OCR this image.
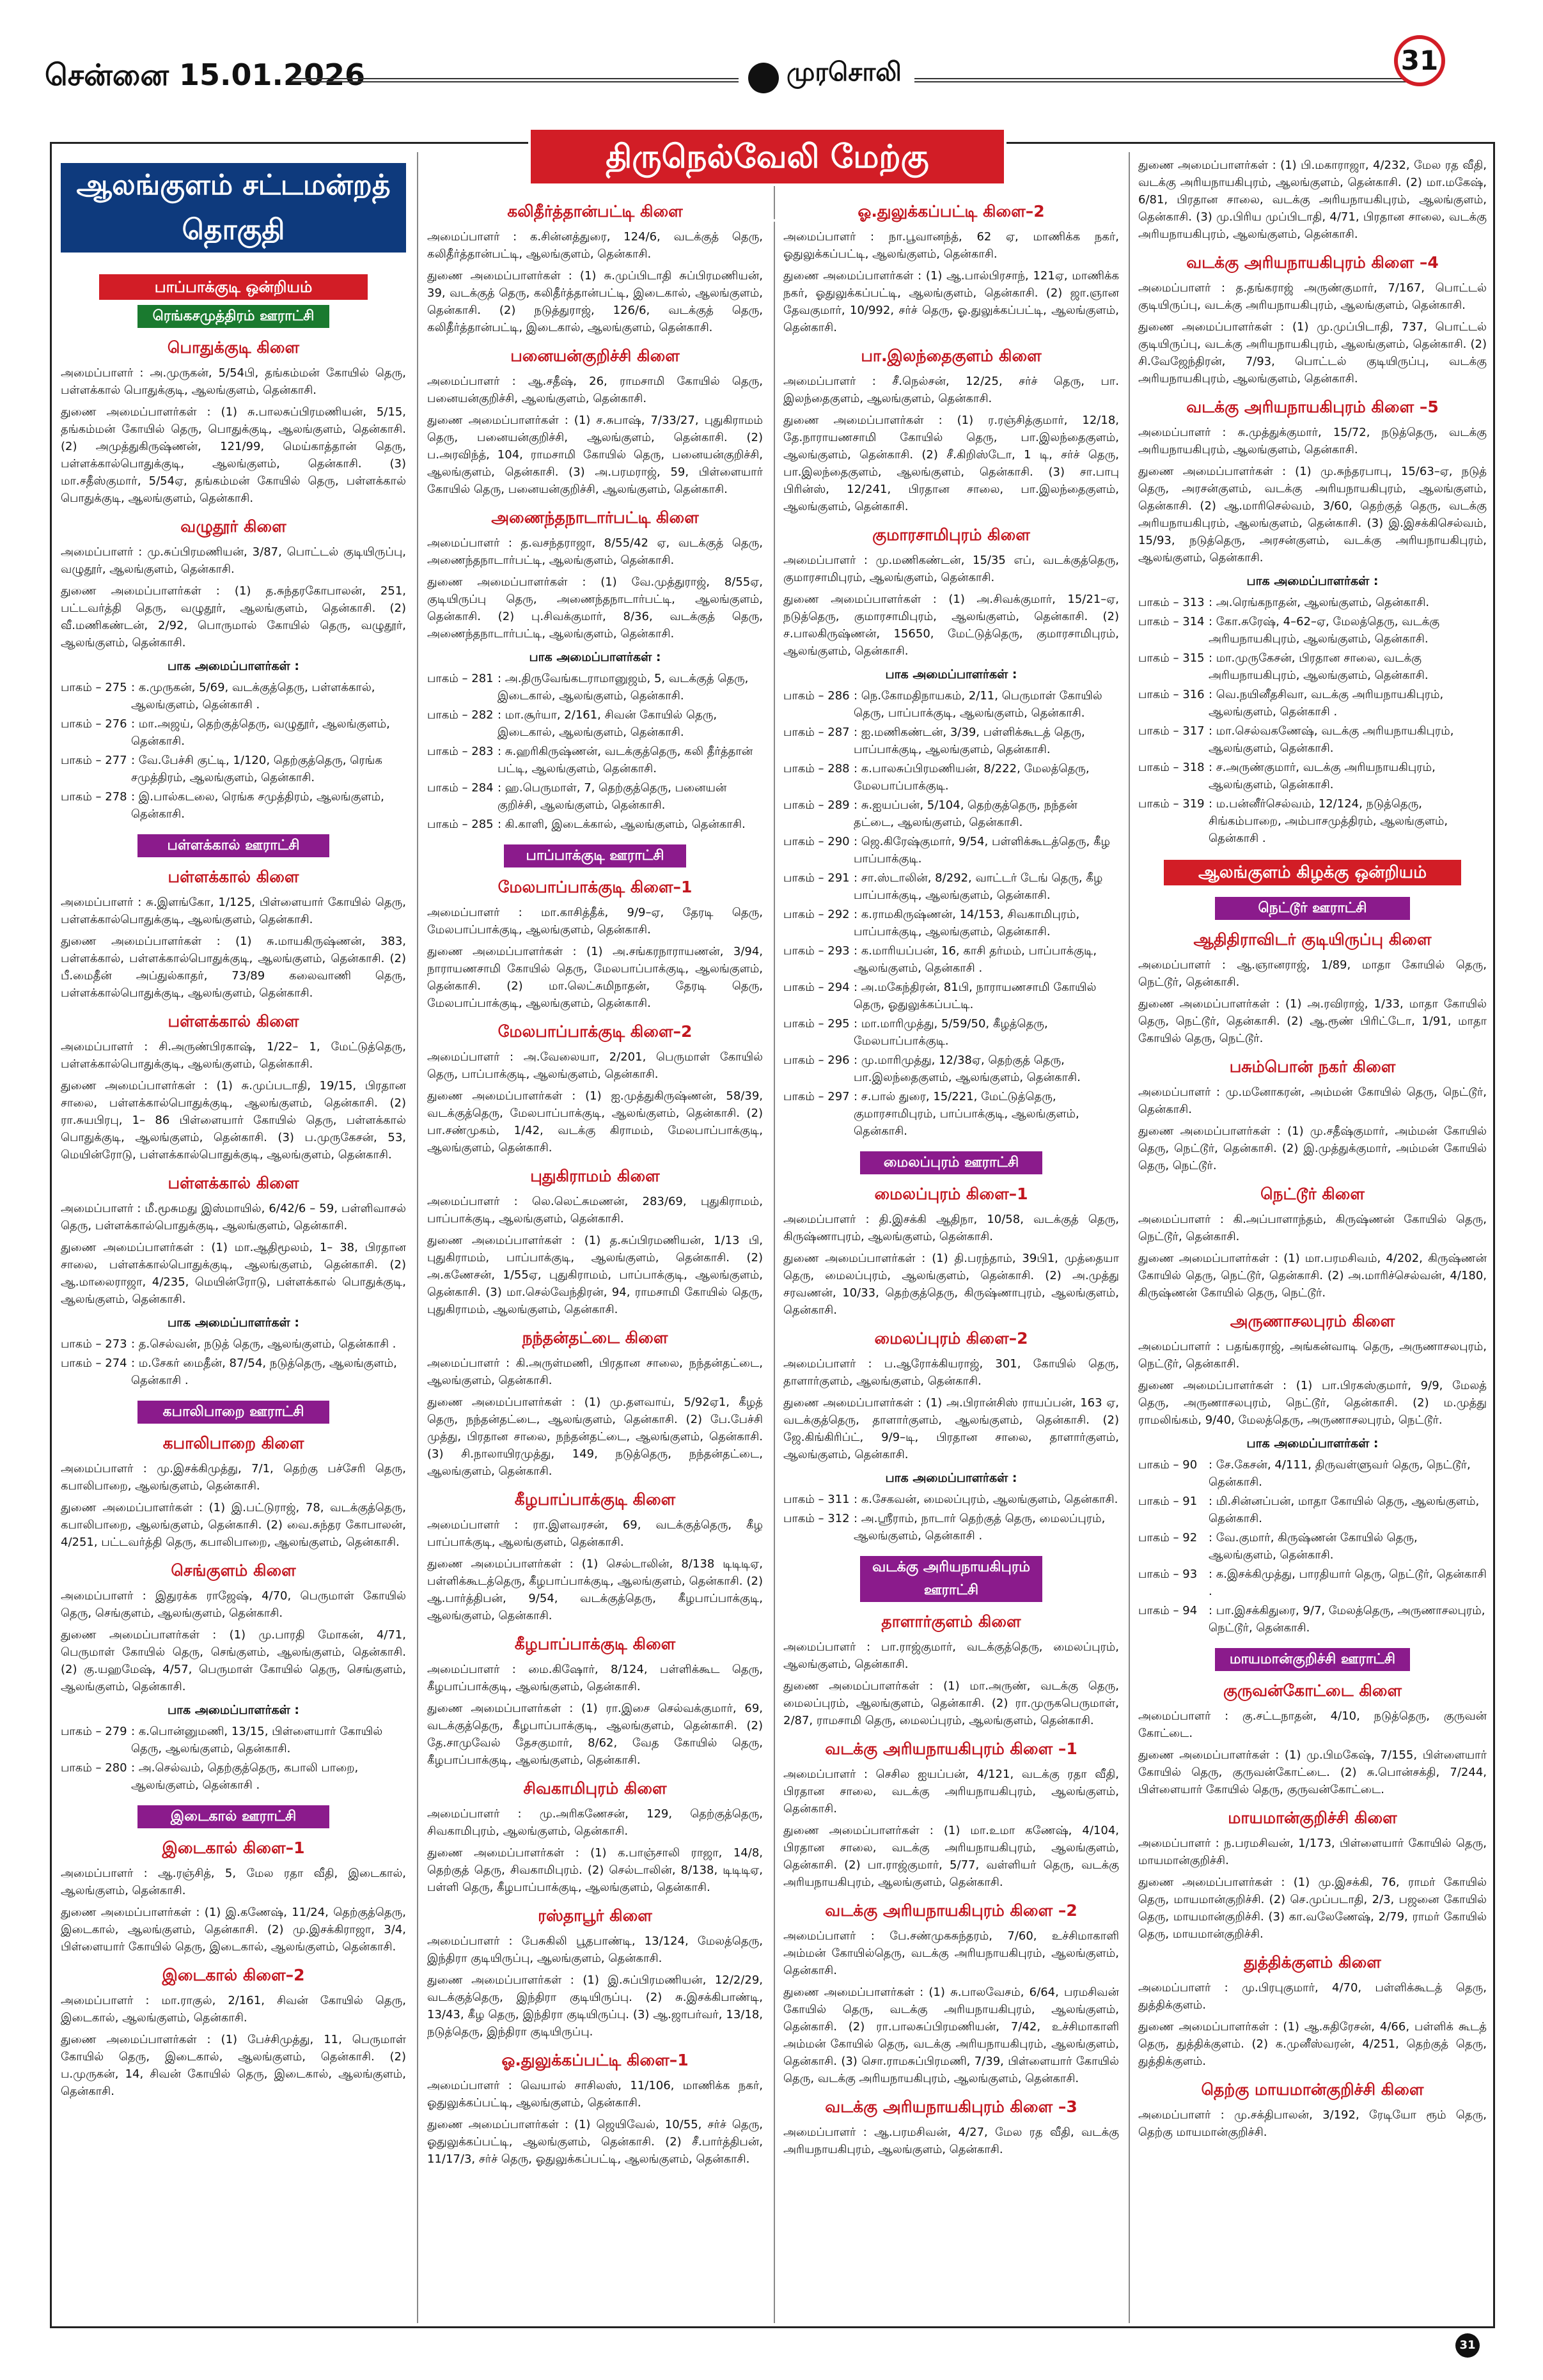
சென்னை 15.01.2026	முரசொலி	31
திருநெல்வேலி மேற்கு மாவட்டம்
ஆலங்குளம் சட்டமன்றத் தொகுதி
பாப்பாக்குடி ஒன்றியம்
ரெங்கசமுத்திரம் ஊராட்சி
பொதுக்குடி கிளை

அமைப்பாளர் : அ.முருகன், 5/54பி, தங்கம்மன் கோயில் தெரு, பள்ளக்கால் பொதுக்குடி, ஆலங்குளம், தென்காசி.

துணை அமைப்பாளர்கள் : (1) சு.பாலசுப்பிரமணியன், 5/15, தங்கம்மன் கோயில் தெரு, பொதுக்குடி, ஆலங்குளம், தென்காசி. (2) அமுத்துகிருஷ்ணன், 121/99, மெய்காத்தான் தெரு, பள்ளக்கால்பொதுக்குடி, ஆலங்குளம், தென்காசி. (3) மா.சதீஸ்குமார், 5/54ஏ, தங்கம்மன் கோயில் தெரு, பள்ளக்கால் பொதுக்குடி, ஆலங்குளம், தென்காசி.

வழுதூர் கிளை

அமைப்பாளர் : மு.சுப்பிரமணியன், 3/87, பொட்டல் குடியிருப்பு, வழுதூர், ஆலங்குளம், தென்காசி.

துணை அமைப்பாளர்கள் : (1) த.சுந்தரகோபாலன், 251, பட்டவர்த்தி தெரு, வழுதூர், ஆலங்குளம், தென்காசி. (2) வீ.மணிகண்டன், 2/92, பொருமால் கோயில் தெரு, வழுதூர், ஆலங்குளம், தென்காசி.

பாக அமைப்பாளர்கள் :
பாகம் – 275 : க.முருகன், 5/69, வடக்குத்தெரு, பள்ளக்கால், ஆலங்குளம், தென்காசி .
பாகம் – 276 : மா.அஜய், தெற்குத்தெரு, வழுதூர், ஆலங்குளம், தென்காசி.
பாகம் – 277 : வே.பேச்சி குட்டி, 1/120, தெற்குத்தெரு, ரெங்க சமுத்திரம், ஆலங்குளம், தென்காசி.
பாகம் – 278 : இ.பால்கடலை, ரெங்க சமுத்திரம், ஆலங்குளம், தென்காசி.
பள்ளக்கால் ஊராட்சி
பள்ளக்கால் கிளை

அமைப்பாளர் : சு.இளங்கோ, 1/125, பிள்ளையார் கோயில் தெரு, பள்ளக்கால்பொதுக்குடி, ஆலங்குளம், தென்காசி.

துணை அமைப்பாளர்கள் : (1) சு.மாயகிருஷ்ணன், 383, பள்ளக்கால், பள்ளக்கால்பொதுக்குடி, ஆலங்குளம், தென்காசி. (2) பீ.மைதீன் அப்துல்காதர், 73/89 கலைவாணி தெரு, பள்ளக்கால்பொதுக்குடி, ஆலங்குளம், தென்காசி.

பள்ளக்கால் கிளை

அமைப்பாளர் : சி.அருண்பிரகாஷ், 1/22– 1, மேட்டுத்தெரு, பள்ளக்கால்பொதுக்குடி, ஆலங்குளம், தென்காசி.

துணை அமைப்பாளர்கள் : (1) சு.முப்படாதி, 19/15, பிரதான சாலை, பள்ளக்கால்பொதுக்குடி, ஆலங்குளம், தென்காசி. (2) ரா.சுயபிரபு, 1– 86 பிள்ளையார் கோயில் தெரு, பள்ளக்கால் பொதுக்குடி, ஆலங்குளம், தென்காசி. (3) ப.முருகேசன், 53, மெயின்ரோடு, பள்ளக்கால்பொதுக்குடி, ஆலங்குளம், தென்காசி.

பள்ளக்கால் கிளை

அமைப்பாளர் : மீ.மூசுமது இஸ்மாயில், 6/42/6 – 59, பள்ளிவாசல் தெரு, பள்ளக்கால்பொதுக்குடி, ஆலங்குளம், தென்காசி.

துணை அமைப்பாளர்கள் : (1) மா.ஆதிமூலம், 1– 38, பிரதான சாலை, பள்ளக்கால்பொதுக்குடி, ஆலங்குளம், தென்காசி. (2) ஆ.மாலைராஜா, 4/235, மெயின்ரோடு, பள்ளக்கால் பொதுக்குடி, ஆலங்குளம், தென்காசி.

பாக அமைப்பாளர்கள் :
பாகம் – 273 : த.செல்வன், நடுத் தெரு, ஆலங்குளம், தென்காசி .
பாகம் – 274 : ம.சேகர் மைதீன், 87/54, நடுத்தெரு, ஆலங்குளம், தென்காசி .
கபாலிபாறை ஊராட்சி
கபாலிபாறை கிளை

அமைப்பாளர் : மு.இசக்கிமுத்து, 7/1, தெற்கு பச்சேரி தெரு, கபாலிபாறை, ஆலங்குளம், தென்காசி.

துணை அமைப்பாளர்கள் : (1) இ.பட்டுராஜ், 78, வடக்குத்தெரு, கபாலிபாறை, ஆலங்குளம், தென்காசி. (2) வை.சுந்தர கோபாலன், 4/251, பட்டவர்த்தி தெரு, கபாலிபாறை, ஆலங்குளம், தென்காசி.

செங்குளம் கிளை

அமைப்பாளர் : இதுரக்க ராஜேஷ், 4/70, பெருமாள் கோயில் தெரு, செங்குளம், ஆலங்குளம், தென்காசி.

துணை அமைப்பாளர்கள் : (1) மு.பாரதி மோகன், 4/71, பெருமாள் கோயில் தெரு, செங்குளம், ஆலங்குளம், தென்காசி. (2) கு.யஹமேஷ், 4/57, பெருமாள் கோயில் தெரு, செங்குளம், ஆலங்குளம், தென்காசி.

பாக அமைப்பாளர்கள் :
பாகம் – 279 : க.பொன்னுமணி, 13/15, பிள்ளையார் கோயில் தெரு, ஆலங்குளம், தென்காசி.
பாகம் – 280 : அ.செல்வம், தெற்குத்தெரு, கபாலி பாறை, ஆலங்குளம், தென்காசி .
இடைகால் ஊராட்சி
இடைகால் கிளை–1

அமைப்பாளர் : ஆ.ரஞ்சித், 5, மேல ரதா வீதி, இடைகால், ஆலங்குளம், தென்காசி.

துணை அமைப்பாளர்கள் : (1) இ.கணேஷ், 11/24, தெற்குத்தெரு, இடைகால், ஆலங்குளம், தென்காசி. (2) மு.இசக்கிராஜா, 3/4, பிள்ளையார் கோயில் தெரு, இடைகால், ஆலங்குளம், தென்காசி.

இடைகால் கிளை–2

அமைப்பாளர் : மா.ராகுல், 2/161, சிவன் கோயில் தெரு, இடைகால், ஆலங்குளம், தென்காசி.

துணை அமைப்பாளர்கள் : (1) பேச்சிமுத்து, 11, பெருமாள் கோயில் தெரு, இடைகால், ஆலங்குளம், தென்காசி. (2) ப.முருகன், 14, சிவன் கோயில் தெரு, இடைகால், ஆலங்குளம், தென்காசி.

கலிதீர்த்தான்பட்டி கிளை

அமைப்பாளர் : க.சின்னத்துரை, 124/6, வடக்குத் தெரு, கலிதீர்த்தான்பட்டி, ஆலங்குளம், தென்காசி.

துணை அமைப்பாளர்கள் : (1) சு.முப்பிடாதி சுப்பிரமணியன், 39, வடக்குத் தெரு, கலிதீர்த்தான்பட்டி, இடைகால், ஆலங்குளம், தென்காசி. (2) நடுத்துராஜ், 126/6, வடக்குத் தெரு, கலிதீர்த்தான்பட்டி, இடைகால், ஆலங்குளம், தென்காசி.

பனையன்குறிச்சி கிளை

அமைப்பாளர் : ஆ.சதீஷ், 26, ராமசாமி கோயில் தெரு, பனையன்குறிச்சி, ஆலங்குளம், தென்காசி.

துணை அமைப்பாளர்கள் : (1) ச.சுபாஷ், 7/33/27, புதுகிராமம் தெரு, பனையன்குறிச்சி, ஆலங்குளம், தென்காசி. (2) ப.அரவிந்த், 104, ராமசாமி கோயில் தெரு, பனையன்குறிச்சி, ஆலங்குளம், தென்காசி. (3) அ.பரமராஜ், 59, பிள்ளையார் கோயில் தெரு, பனையன்குறிச்சி, ஆலங்குளம், தென்காசி.

அணைந்தநாடார்பட்டி கிளை

அமைப்பாளர் : த.வசந்தராஜா, 8/55/42 ஏ, வடக்குத் தெரு, அணைந்தநாடார்பட்டி, ஆலங்குளம், தென்காசி.

துணை அமைப்பாளர்கள் : (1) வே.முத்துராஜ், 8/55ஏ, குடியிருப்பு தெரு, அணைந்தநாடார்பட்டி, ஆலங்குளம், தென்காசி. (2) பு.சிவக்குமார், 8/36, வடக்குத் தெரு, அணைந்தநாடார்பட்டி, ஆலங்குளம், தென்காசி.

பாக அமைப்பாளர்கள் :
பாகம் – 281 : அ.திருவேங்கடராமானுஜம், 5, வடக்குத் தெரு, இடைகால், ஆலங்குளம், தென்காசி.
பாகம் – 282 : மா.சூர்யா, 2/161, சிவன் கோயில் தெரு, இடைகால், ஆலங்குளம், தென்காசி.
பாகம் – 283 : சு.ஹரிகிருஷ்ணன், வடக்குத்தெரு, கலி தீர்த்தான் பட்டி, ஆலங்குளம், தென்காசி.
பாகம் – 284 : ஹ.பெருமாள், 7, தெற்குத்தெரு, பனையன் குறிச்சி, ஆலங்குளம், தென்காசி.
பாகம் – 285 : கி.காளி, இடைக்கால், ஆலங்குளம், தென்காசி.
பாப்பாக்குடி ஊராட்சி
மேலபாப்பாக்குடி கிளை–1

அமைப்பாளர் : மா.காசித்தீக், 9/9–ஏ, தேரடி தெரு, மேலபாப்பாக்குடி, ஆலங்குளம், தென்காசி.

துணை அமைப்பாளர்கள் : (1) அ.சங்கரநாராயணன், 3/94, நாராயணசாமி கோயில் தெரு, மேலபாப்பாக்குடி, ஆலங்குளம், தென்காசி. (2) மா.லெட்சுமிநாதன், தேரடி தெரு, மேலபாப்பாக்குடி, ஆலங்குளம், தென்காசி.

மேலபாப்பாக்குடி கிளை–2

அமைப்பாளர் : அ.வேலையா, 2/201, பெருமாள் கோயில் தெரு, பாப்பாக்குடி, ஆலங்குளம், தென்காசி.

துணை அமைப்பாளர்கள் : (1) ஐ.முத்துகிருஷ்ணன், 58/39, வடக்குத்தெரு, மேலபாப்பாக்குடி, ஆலங்குளம், தென்காசி. (2) பா.சண்முகம், 1/42, வடக்கு கிராமம், மேலபாப்பாக்குடி, ஆலங்குளம், தென்காசி.

புதுகிராமம் கிளை

அமைப்பாளர் : லெ.லெட்சுமணன், 283/69, புதுகிராமம், பாப்பாக்குடி, ஆலங்குளம், தென்காசி.

துணை அமைப்பாளர்கள் : (1) த.சுப்பிரமணியன், 1/13 பி, புதுகிராமம், பாப்பாக்குடி, ஆலங்குளம், தென்காசி. (2) அ.கணேசன், 1/55ஏ, புதுகிராமம், பாப்பாக்குடி, ஆலங்குளம், தென்காசி. (3) மா.செல்வேந்திரன், 94, ராமசாமி கோயில் தெரு, புதுகிராமம், ஆலங்குளம், தென்காசி.

நந்தன்தட்டை கிளை

அமைப்பாளர் : கி.அருள்மணி, பிரதான சாலை, நந்தன்தட்டை, ஆலங்குளம், தென்காசி.

துணை அமைப்பாளர்கள் : (1) மு.தளவாய், 5/92ஏ1, கீழத் தெரு, நந்தன்தட்டை, ஆலங்குளம், தென்காசி. (2) பே.பேச்சி முத்து, பிரதான சாலை, நந்தன்தட்டை, ஆலங்குளம், தென்காசி. (3) சி.நாலாயிரமுத்து, 149, நடுத்தெரு, நந்தன்தட்டை, ஆலங்குளம், தென்காசி.

கீழபாப்பாக்குடி கிளை

அமைப்பாளர் : ரா.இளவரசன், 69, வடக்குத்தெரு, கீழ பாப்பாக்குடி, ஆலங்குளம், தென்காசி.

துணை அமைப்பாளர்கள் : (1) செல்டாலின், 8/138 டிடிடிஏ, பள்ளிக்கூடத்தெரு, கீழபாப்பாக்குடி, ஆலங்குளம், தென்காசி. (2) ஆ.பார்த்திபன், 9/54, வடக்குத்தெரு, கீழபாப்பாக்குடி, ஆலங்குளம், தென்காசி.

கீழபாப்பாக்குடி கிளை

அமைப்பாளர் : மை.கிஷோர், 8/124, பள்ளிக்கூட தெரு, கீழபாப்பாக்குடி, ஆலங்குளம், தென்காசி.

துணை அமைப்பாளர்கள் : (1) ரா.இசை செல்வக்குமார், 69, வடக்குத்தெரு, கீழபாப்பாக்குடி, ஆலங்குளம், தென்காசி. (2) தே.சாமுவேல் தேசகுமார், 8/62, வேத கோயில் தெரு, கீழபாப்பாக்குடி, ஆலங்குளம், தென்காசி.

சிவகாமிபுரம் கிளை

அமைப்பாளர் : மு.அரிகணேசன், 129, தெற்குத்தெரு, சிவகாமிபுரம், ஆலங்குளம், தென்காசி.

துணை அமைப்பாளர்கள் : (1) க.பாஞ்சாலி ராஜா, 14/8, தெற்குத் தெரு, சிவகாமிபுரம். (2) செல்டாலின், 8/138, டிடிடிஏ, பள்ளி தெரு, கீழபாப்பாக்குடி, ஆலங்குளம், தென்காசி.

ரஸ்தாபூர் கிளை

அமைப்பாளர் : பேசுகிலி பூதபாண்டி, 13/124, மேலத்தெரு, இந்திரா குடியிருப்பு, ஆலங்குளம், தென்காசி.

துணை அமைப்பாளர்கள் : (1) இ.சுப்பிரமணியன், 12/2/29, வடக்குத்தெரு, இந்திரா குடியிருப்பு. (2) சு.இசக்கிபாண்டி, 13/43, கீழ தெரு, இந்திரா குடியிருப்பு. (3) ஆ.ஜாபர்வர், 13/18, நடுத்தெரு, இந்திரா குடியிருப்பு.

ஓ.துலுக்கப்பட்டி கிளை–1

அமைப்பாளர் : வெயால் சாசிலஸ், 11/106, மாணிக்க நகர், ஓதுலுக்கப்பட்டி, ஆலங்குளம், தென்காசி.

துணை அமைப்பாளர்கள் : (1) ஜெயிவேல், 10/55, சர்ச் தெரு, ஓதுலுக்கப்பட்டி, ஆலங்குளம், தென்காசி. (2) சீ.பார்த்திபன், 11/17/3, சர்ச் தெரு, ஓதுலுக்கப்பட்டி, ஆலங்குளம், தென்காசி.

ஓ.துலுக்கப்பட்டி கிளை–2

அமைப்பாளர் : நா.பூவானந்த், 62 ஏ, மாணிக்க நகர், ஓதுலுக்கப்பட்டி, ஆலங்குளம், தென்காசி.

துணை அமைப்பாளர்கள் : (1) ஆ.பால்பிரசாந், 121ஏ, மாணிக்க நகர், ஓதுலுக்கப்பட்டி, ஆலங்குளம், தென்காசி. (2) ஜா.ஞான தேவகுமார், 10/992, சர்ச் தெரு, ஓ.துலுக்கப்பட்டி, ஆலங்குளம், தென்காசி.

பா.இலந்தைகுளம் கிளை

அமைப்பாளர் : சீ.நெல்சன், 12/25, சர்ச் தெரு, பா. இலந்தைகுளம், ஆலங்குளம், தென்காசி.

துணை அமைப்பாளர்கள் : (1) ர.ரஞ்சித்குமார், 12/18, தே.நாராயணசாமி கோயில் தெரு, பா.இலந்தைகுளம், ஆலங்குளம், தென்காசி. (2) சீ.கிறிஸ்டோ, 1 டி, சர்ச் தெரு, பா.இலந்தைகுளம், ஆலங்குளம், தென்காசி. (3) சா.பாபு பிரின்ஸ், 12/241, பிரதான சாலை, பா.இலந்தைகுளம், ஆலங்குளம், தென்காசி.

குமாரசாமிபுரம் கிளை

அமைப்பாளர் : மு.மணிகண்டன், 15/35 எப், வடக்குத்தெரு, குமாரசாமிபுரம், ஆலங்குளம், தென்காசி.

துணை அமைப்பாளர்கள் : (1) அ.சிவக்குமார், 15/21–ஏ, நடுத்தெரு, குமாரசாமிபுரம், ஆலங்குளம், தென்காசி. (2) ச.பாலகிருஷ்ணன், 15650, மேட்டுத்தெரு, குமாரசாமிபுரம், ஆலங்குளம், தென்காசி.

பாக அமைப்பாளர்கள் :
பாகம் – 286 : நெ.கோமதிநாயகம், 2/11, பெருமாள் கோயில் தெரு, பாப்பாக்குடி, ஆலங்குளம், தென்காசி.
பாகம் – 287 : ஐ.மணிகண்டன், 3/39, பள்ளிக்கூடத் தெரு, பாப்பாக்குடி, ஆலங்குளம், தென்காசி.
பாகம் – 288 : க.பாலசுப்பிரமணியன், 8/222, மேலத்தெரு, மேலபாப்பாக்குடி.
பாகம் – 289 : சு.ஐயப்பன், 5/104, தெற்குத்தெரு, நந்தன் தட்டை, ஆலங்குளம், தென்காசி.
பாகம் – 290 : ஜெ.கிரேஷ்குமார், 9/54, பள்ளிக்கூடத்தெரு, கீழ பாப்பாக்குடி.
பாகம் – 291 : சா.ஸ்டாலின், 8/292, வாட்டர் டேங் தெரு, கீழ பாப்பாக்குடி, ஆலங்குளம், தென்காசி.
பாகம் – 292 : க.ராமகிருஷ்ணன், 14/153, சிவகாமிபுரம், பாப்பாக்குடி, ஆலங்குளம், தென்காசி.
பாகம் – 293 : க.மாரியப்பன், 16, காசி தர்மம், பாப்பாக்குடி, ஆலங்குளம், தென்காசி .
பாகம் – 294 : அ.மகேந்திரன், 81பி, நாராயணசாமி கோயில் தெரு, ஓதுலுக்கப்பட்டி.
பாகம் – 295 : மா.மாரிமுத்து, 5/59/50, கீழத்தெரு, மேலபாப்பாக்குடி.
பாகம் – 296 : மு.மாரிமுத்து, 12/38ஏ, தெற்குத் தெரு, பா.இலந்தைகுளம், ஆலங்குளம், தென்காசி.
பாகம் – 297 : ச.பால் துரை, 15/221, மேட்டுத்தெரு, குமாரசாமிபுரம், பாப்பாக்குடி, ஆலங்குளம், தென்காசி.
மைலப்புரம் ஊராட்சி
மைலப்புரம் கிளை–1

அமைப்பாளர் : தி.இசக்கி ஆதிநா, 10/58, வடக்குத் தெரு, கிருஷ்ணாபுரம், ஆலங்குளம், தென்காசி.

துணை அமைப்பாளர்கள் : (1) தி.பரந்தாம், 39பி1, முத்தையா தெரு, மைலப்புரம், ஆலங்குளம், தென்காசி. (2) அ.முத்து சரவணன், 10/33, தெற்குத்தெரு, கிருஷ்ணாபுரம், ஆலங்குளம், தென்காசி.

மைலப்புரம் கிளை–2

அமைப்பாளர் : ப.ஆரோக்கியராஜ், 301, கோயில் தெரு, தாளார்குளம், ஆலங்குளம், தென்காசி.

துணை அமைப்பாளர்கள் : (1) அ.பிரான்சிஸ் ராயப்பன், 163 ஏ, வடக்குத்தெரு, தாளார்குளம், ஆலங்குளம், தென்காசி. (2) ஜே.கிங்கிரிப்ட், 9/9–டி, பிரதான சாலை, தாளார்குளம், ஆலங்குளம், தென்காசி.

பாக அமைப்பாளர்கள் :
பாகம் – 311 : க.சேகவன், மைலப்புரம், ஆலங்குளம், தென்காசி.
பாகம் – 312 : அ.ஸ்ரீராம், நாடார் தெற்குத் தெரு, மைலப்புரம், ஆலங்குளம், தென்காசி .
வடக்கு அரியநாயகிபுரம் ஊராட்சி
தாளார்குளம் கிளை

அமைப்பாளர் : பா.ராஜ்குமார், வடக்குத்தெரு, மைலப்புரம், ஆலங்குளம், தென்காசி.

துணை அமைப்பாளர்கள் : (1) மா.அருண், வடக்கு தெரு, மைலப்புரம், ஆலங்குளம், தென்காசி. (2) ரா.முருகபெருமாள், 2/87, ராமசாமி தெரு, மைலப்புரம், ஆலங்குளம், தென்காசி.

வடக்கு அரியநாயகிபுரம் கிளை –1

அமைப்பாளர் : செசில ஐயப்பன், 4/121, வடக்கு ரதா வீதி, பிரதான சாலை, வடக்கு அரியநாயகிபுரம், ஆலங்குளம், தென்காசி.

துணை அமைப்பாளர்கள் : (1) மா.உமா கணேஷ், 4/104, பிரதான சாலை, வடக்கு அரியநாயகிபுரம், ஆலங்குளம், தென்காசி. (2) பா.ராஜ்குமார், 5/77, வள்ளியர் தெரு, வடக்கு அரியநாயகிபுரம், ஆலங்குளம், தென்காசி.

வடக்கு அரியநாயகிபுரம் கிளை –2

அமைப்பாளர் : பே.சண்முகசுந்தரம், 7/60, உச்சிமாகாளி அம்மன் கோயில்தெரு, வடக்கு அரியநாயகிபுரம், ஆலங்குளம், தென்காசி.

துணை அமைப்பாளர்கள் : (1) சு.பாலவேசம், 6/64, பரமசிவன் கோயில் தெரு, வடக்கு அரியநாயகிபுரம், ஆலங்குளம், தென்காசி. (2) ரா.பாலசுப்பிரமணியன், 7/42, உச்சிமாகாளி அம்மன் கோயில் தெரு, வடக்கு அரியநாயகிபுரம், ஆலங்குளம், தென்காசி. (3) சொ.ராமசுப்பிரமணி, 7/39, பிள்ளையார் கோயில் தெரு, வடக்கு அரியநாயகிபுரம், ஆலங்குளம், தென்காசி.

வடக்கு அரியநாயகிபுரம் கிளை –3

அமைப்பாளர் : ஆ.பரமசிவன், 4/27, மேல ரத வீதி, வடக்கு அரியநாயகிபுரம், ஆலங்குளம், தென்காசி.

துணை அமைப்பாளர்கள் : (1) பி.மகாராஜா, 4/232, மேல ரத வீதி, வடக்கு அரியநாயகிபுரம், ஆலங்குளம், தென்காசி. (2) மா.மகேஷ், 6/81, பிரதான சாலை, வடக்கு அரியநாயகிபுரம், ஆலங்குளம், தென்காசி. (3) மு.பிரிய முப்பிடாதி, 4/71, பிரதான சாலை, வடக்கு அரியநாயகிபுரம், ஆலங்குளம், தென்காசி.

வடக்கு அரியநாயகிபுரம் கிளை –4

அமைப்பாளர் : த.தங்கராஜ் அருண்குமார், 7/167, பொட்டல் குடியிருப்பு, வடக்கு அரியநாயகிபுரம், ஆலங்குளம், தென்காசி.

துணை அமைப்பாளர்கள் : (1) மு.முப்பிடாதி, 737, பொட்டல் குடியிருப்பு, வடக்கு அரியநாயகிபுரம், ஆலங்குளம், தென்காசி. (2) சி.வேஜேந்திரன், 7/93, பொட்டல் குடியிருப்பு, வடக்கு அரியநாயகிபுரம், ஆலங்குளம், தென்காசி.

வடக்கு அரியநாயகிபுரம் கிளை –5

அமைப்பாளர் : சு.முத்துக்குமார், 15/72, நடுத்தெரு, வடக்கு அரியநாயகிபுரம், ஆலங்குளம், தென்காசி.

துணை அமைப்பாளர்கள் : (1) மு.சுந்தரபாபு, 15/63–ஏ, நடுத் தெரு, அரசன்குளம், வடக்கு அரியநாயகிபுரம், ஆலங்குளம், தென்காசி. (2) ஆ.மாரிசெல்வம், 3/60, தெற்குத் தெரு, வடக்கு அரியநாயகிபுரம், ஆலங்குளம், தென்காசி. (3) இ.இசக்கிசெல்வம், 15/93, நடுத்தெரு, அரசன்குளம், வடக்கு அரியநாயகிபுரம், ஆலங்குளம், தென்காசி.

பாக அமைப்பாளர்கள் :
பாகம் – 313 : அ.ரெங்கநாதன், ஆலங்குளம், தென்காசி.
பாகம் – 314 : கோ.சுரேஷ், 4–62–ஏ, மேலத்தெரு, வடக்கு அரியநாயகிபுரம், ஆலங்குளம், தென்காசி.
பாகம் – 315 : மா.முருகேசன், பிரதான சாலை, வடக்கு அரியநாயகிபுரம், ஆலங்குளம், தென்காசி.
பாகம் – 316 : வெ.நயினீதசிவா, வடக்கு அரியநாயகிபுரம், ஆலங்குளம், தென்காசி .
பாகம் – 317 : மா.செல்வகணேஷ், வடக்கு அரியநாயகிபுரம், ஆலங்குளம், தென்காசி.
பாகம் – 318 : ச.அருண்குமார், வடக்கு அரியநாயகிபுரம், ஆலங்குளம், தென்காசி.
பாகம் – 319 : ம.பன்னீர்செல்வம், 12/124, நடுத்தெரு, சிங்கம்பாறை, அம்பாசமுத்திரம், ஆலங்குளம், தென்காசி .
ஆலங்குளம் கிழக்கு ஒன்றியம்
நெட்டூர் ஊராட்சி
ஆதிதிராவிடர் குடியிருப்பு கிளை

அமைப்பாளர் : ஆ.ஞானராஜ், 1/89, மாதா கோயில் தெரு, நெட்டூர், தென்காசி.

துணை அமைப்பாளர்கள் : (1) அ.ரவிராஜ், 1/33, மாதா கோயில் தெரு, நெட்டூர், தென்காசி. (2) ஆ.ரூண் பிரிட்டோ, 1/91, மாதா கோயில் தெரு, நெட்டூர்.

பசும்பொன் நகர் கிளை

அமைப்பாளர் : மு.மனோகரன், அம்மன் கோயில் தெரு, நெட்டூர், தென்காசி.

துணை அமைப்பாளர்கள் : (1) மு.சதீஷ்குமார், அம்மன் கோயில் தெரு, நெட்டூர், தென்காசி. (2) இ.முத்துக்குமார், அம்மன் கோயில் தெரு, நெட்டூர்.

நெட்டூர் கிளை

அமைப்பாளர் : கி.அப்பாளாந்தம், கிருஷ்ணன் கோயில் தெரு, நெட்டூர், தென்காசி.

துணை அமைப்பாளர்கள் : (1) மா.பரமசிவம், 4/202, கிருஷ்ணன் கோயில் தெரு, நெட்டூர், தென்காசி. (2) அ.மாரிச்செல்வன், 4/180, கிருஷ்ணன் கோயில் தெரு, நெட்டூர்.

அருணாசலபுரம் கிளை

அமைப்பாளர் : பதங்கராஜ், அங்கன்வாடி தெரு, அருணாசலபுரம், நெட்டூர், தென்காசி.

துணை அமைப்பாளர்கள் : (1) பா.பிரகஸ்குமார், 9/9, மேலத் தெரு, அருணாசலபுரம், நெட்டூர், தென்காசி. (2) ம.முத்து ராமலிங்கம், 9/40, மேலத்தெரு, அருணாசலபுரம், நெட்டூர்.

பாக அமைப்பாளர்கள் :
பாகம் – 90 : சே.கேசன், 4/111, திருவள்ளுவர் தெரு, நெட்டூர், தென்காசி.
பாகம் – 91 : மி.சின்னப்பன், மாதா கோயில் தெரு, ஆலங்குளம், தென்காசி.
பாகம் – 92 : வே.குமார், கிருஷ்ணன் கோயில் தெரு, ஆலங்குளம், தென்காசி.
பாகம் – 93 : க.இசக்கிமுத்து, பாரதியார் தெரு, நெட்டூர், தென்காசி .
பாகம் – 94 : பா.இசக்கிதுரை, 9/7, மேலத்தெரு, அருணாசலபுரம், நெட்டூர், தென்காசி.
மாயமான்குறிச்சி ஊராட்சி
குருவன்கோட்டை கிளை

அமைப்பாளர் : கு.சட்டநாதன், 4/10, நடுத்தெரு, குருவன் கோட்டை.

துணை அமைப்பாளர்கள் : (1) மு.பிமகேஷ், 7/155, பிள்ளையார் கோயில் தெரு, குருவன்கோட்டை. (2) சு.பொன்சக்தி, 7/244, பிள்ளையார் கோயில் தெரு, குருவன்கோட்டை.

மாயமான்குறிச்சி கிளை

அமைப்பாளர் : ந.பரமசிவன், 1/173, பிள்ளையார் கோயில் தெரு, மாயமான்குறிச்சி.

துணை அமைப்பாளர்கள் : (1) மு.இசக்கி, 76, ராமர் கோயில் தெரு, மாயமான்குறிச்சி. (2) செ.முப்படாதி, 2/3, பஜனை கோயில் தெரு, மாயமான்குறிச்சி. (3) கா.வலேணேஷ், 2/79, ராமர் கோயில் தெரு, மாயமான்குறிச்சி.

துத்திக்குளம் கிளை

அமைப்பாளர் : மு.பிரபுகுமார், 4/70, பள்ளிக்கூடத் தெரு, துத்திக்குளம்.

துணை அமைப்பாளர்கள் : (1) ஆ.சுதிரேசன், 4/66, பள்ளிக் கூடத் தெரு, துத்திக்குளம். (2) க.முனீஸ்வரன், 4/251, தெற்குத் தெரு, துத்திக்குளம்.

தெற்கு மாயமான்குறிச்சி கிளை

அமைப்பாளர் : மு.சக்திபாலன், 3/192, ரேடியோ ரூம் தெரு, தெற்கு மாயமான்குறிச்சி.

31
